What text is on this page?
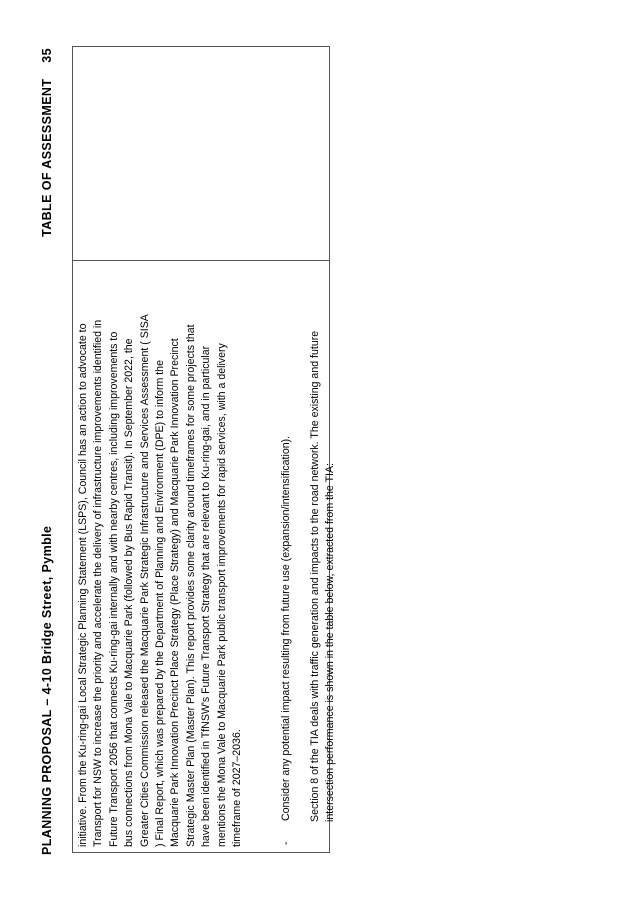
PLANNING PROPOSAL – 4-10 Bridge Street, Pymble
TABLE OF ASSESSMENT 35
initiative. From the Ku-ring-gai Local Strategic Planning Statement (LSPS), Council has an action to advocate to Transport for NSW to increase the priority and accelerate the delivery of infrastructure improvements identified in Future Transport 2056 that connects Ku-ring-gai internally and with nearby centres, including improvements to bus connections from Mona Vale to Macquarie Park (followed by Bus Rapid Transit). In September 2022, the Greater Cities Commission released the Macquarie Park Strategic Infrastructure and Services Assessment ( SISA ) Final Report, which was prepared by the Department of Planning and Environment (DPE) to inform the Macquarie Park Innovation Precinct Place Strategy (Place Strategy) and Macquarie Park Innovation Precinct Strategic Master Plan (Master Plan). This report provides some clarity around timeframes for some projects that have been identified in TfNSW's Future Transport Strategy that are relevant to Ku-ring-gai, and in particular mentions the Mona Vale to Macquarie Park public transport improvements for rapid services, with a delivery timeframe of 2027–2036.	-
Consider any potential impact resulting from future use (expansion/intensification). Section 8 of the TIA deals with traffic generation and impacts to the road network. The existing and future intersection performance is shown in the table below, extracted from the TIA:
